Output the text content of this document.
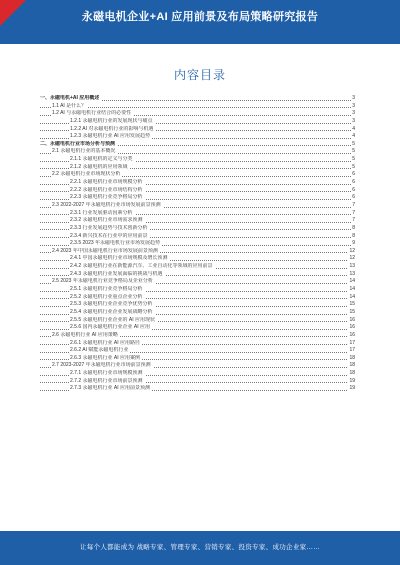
永磁电机企业+AI 应用前景及布局策略研究报告
内容目录
一、永磁电机+AI 应用概述	3
1.1 AI 是什么？	3
1.2 AI 与永磁电机行业结合的必要性	3
1.2.1 永磁电机行业的发展现状与痛点	3
1.2.2 AI 对永磁电机行业的影响与机遇	4
1.2.3 永磁电机行业 AI 应用发展趋势	4
二、永磁电机行业市场分析与预测	5
2.1 永磁电机行业的基本概况	5
2.1.1 永磁电机的定义与分类	5
2.1.2 永磁电机的应用领域	5
2.2 永磁电机行业市场现状分析	6
2.2.1 永磁电机行业市场规模分析	6
2.2.2 永磁电机行业市场结构分析	6
2.2.3 永磁电机行业竞争格局分析	6
2.3 2022-2027 年永磁电机行业市场发展前景预测	7
2.3.1 行业发展驱动因素分析	7
2.3.2 永磁电机行业市场需求预测	7
2.3.3 行业发展趋势与技术创新分析	8
2.3.4 新兴技术在行业中的应用前景	8
2.3.5 2023 年永磁电机行业市场发展趋势	9
2.4 2023 年中国永磁电机行业市场发展前景预测	12
2.4.1 中国永磁电机行业市场规模及增长预测	12
2.4.2 永磁电机行业在新能源汽车、工业自动化等领域的应用前景	13
2.4.3 永磁电机行业发展面临的挑战与机遇	13
2.5 2023 年永磁电机行业竞争格局及企业分析	14
2.5.1 永磁电机行业竞争格局分析	14
2.5.2 永磁电机行业重点企业分析	14
2.5.3 永磁电机行业企业竞争优势分析	15
2.5.4 永磁电机行业企业发展战略分析	15
2.5.5 永磁电机行业企业的 AI 应用现状	16
2.5.6 国内永磁电机行业企业 AI 应用	16
2.6 永磁电机行业 AI 应用策略	16
2.6.1 永磁电机行业 AI 应用路径	17
2.6.2 AI 赋能永磁电机行业	17
2.6.3 永磁电机行业 AI 应用案例	18
2.7 2023-2027 年永磁电机行业市场前景预测	18
2.7.1 永磁电机行业市场规模预测	18
2.7.2 永磁电机行业市场前景预测	19
2.7.3 永磁电机行业 AI 应用前景预测	19
让每个人都能成为 战略专家、管理专家、营销专家、投资专家、成功企业家……
